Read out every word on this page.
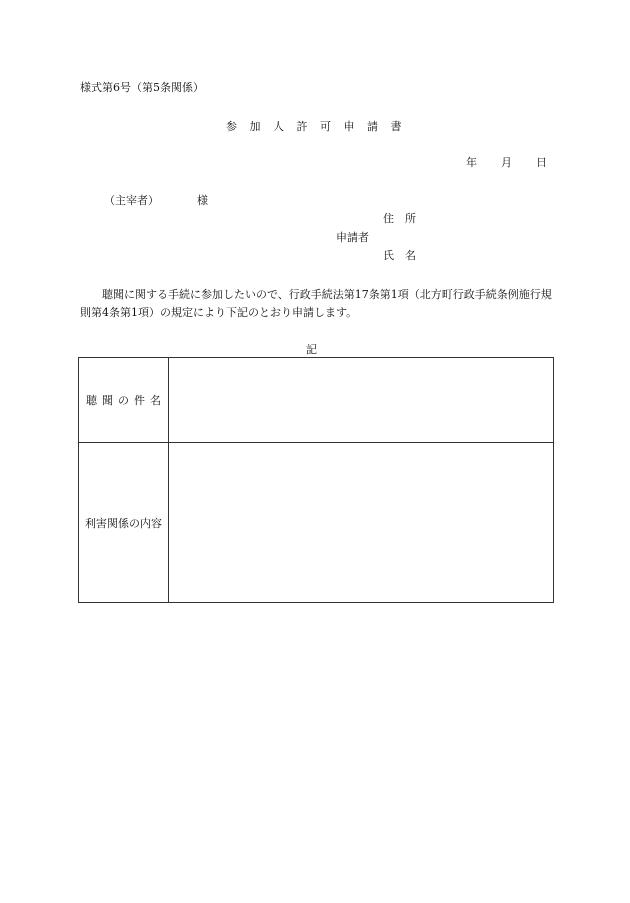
様式第6号（第5条関係）
参加人許可申請書
年 月 日
（主宰者）	様
住所
申請者
氏名
聴聞に関する手続に参加したいので、行政手続法第17条第1項（北方町行政手続条例施行規則第4条第1項）の規定により下記のとおり申請します。
記
聴聞の件名
利害関係の内容
